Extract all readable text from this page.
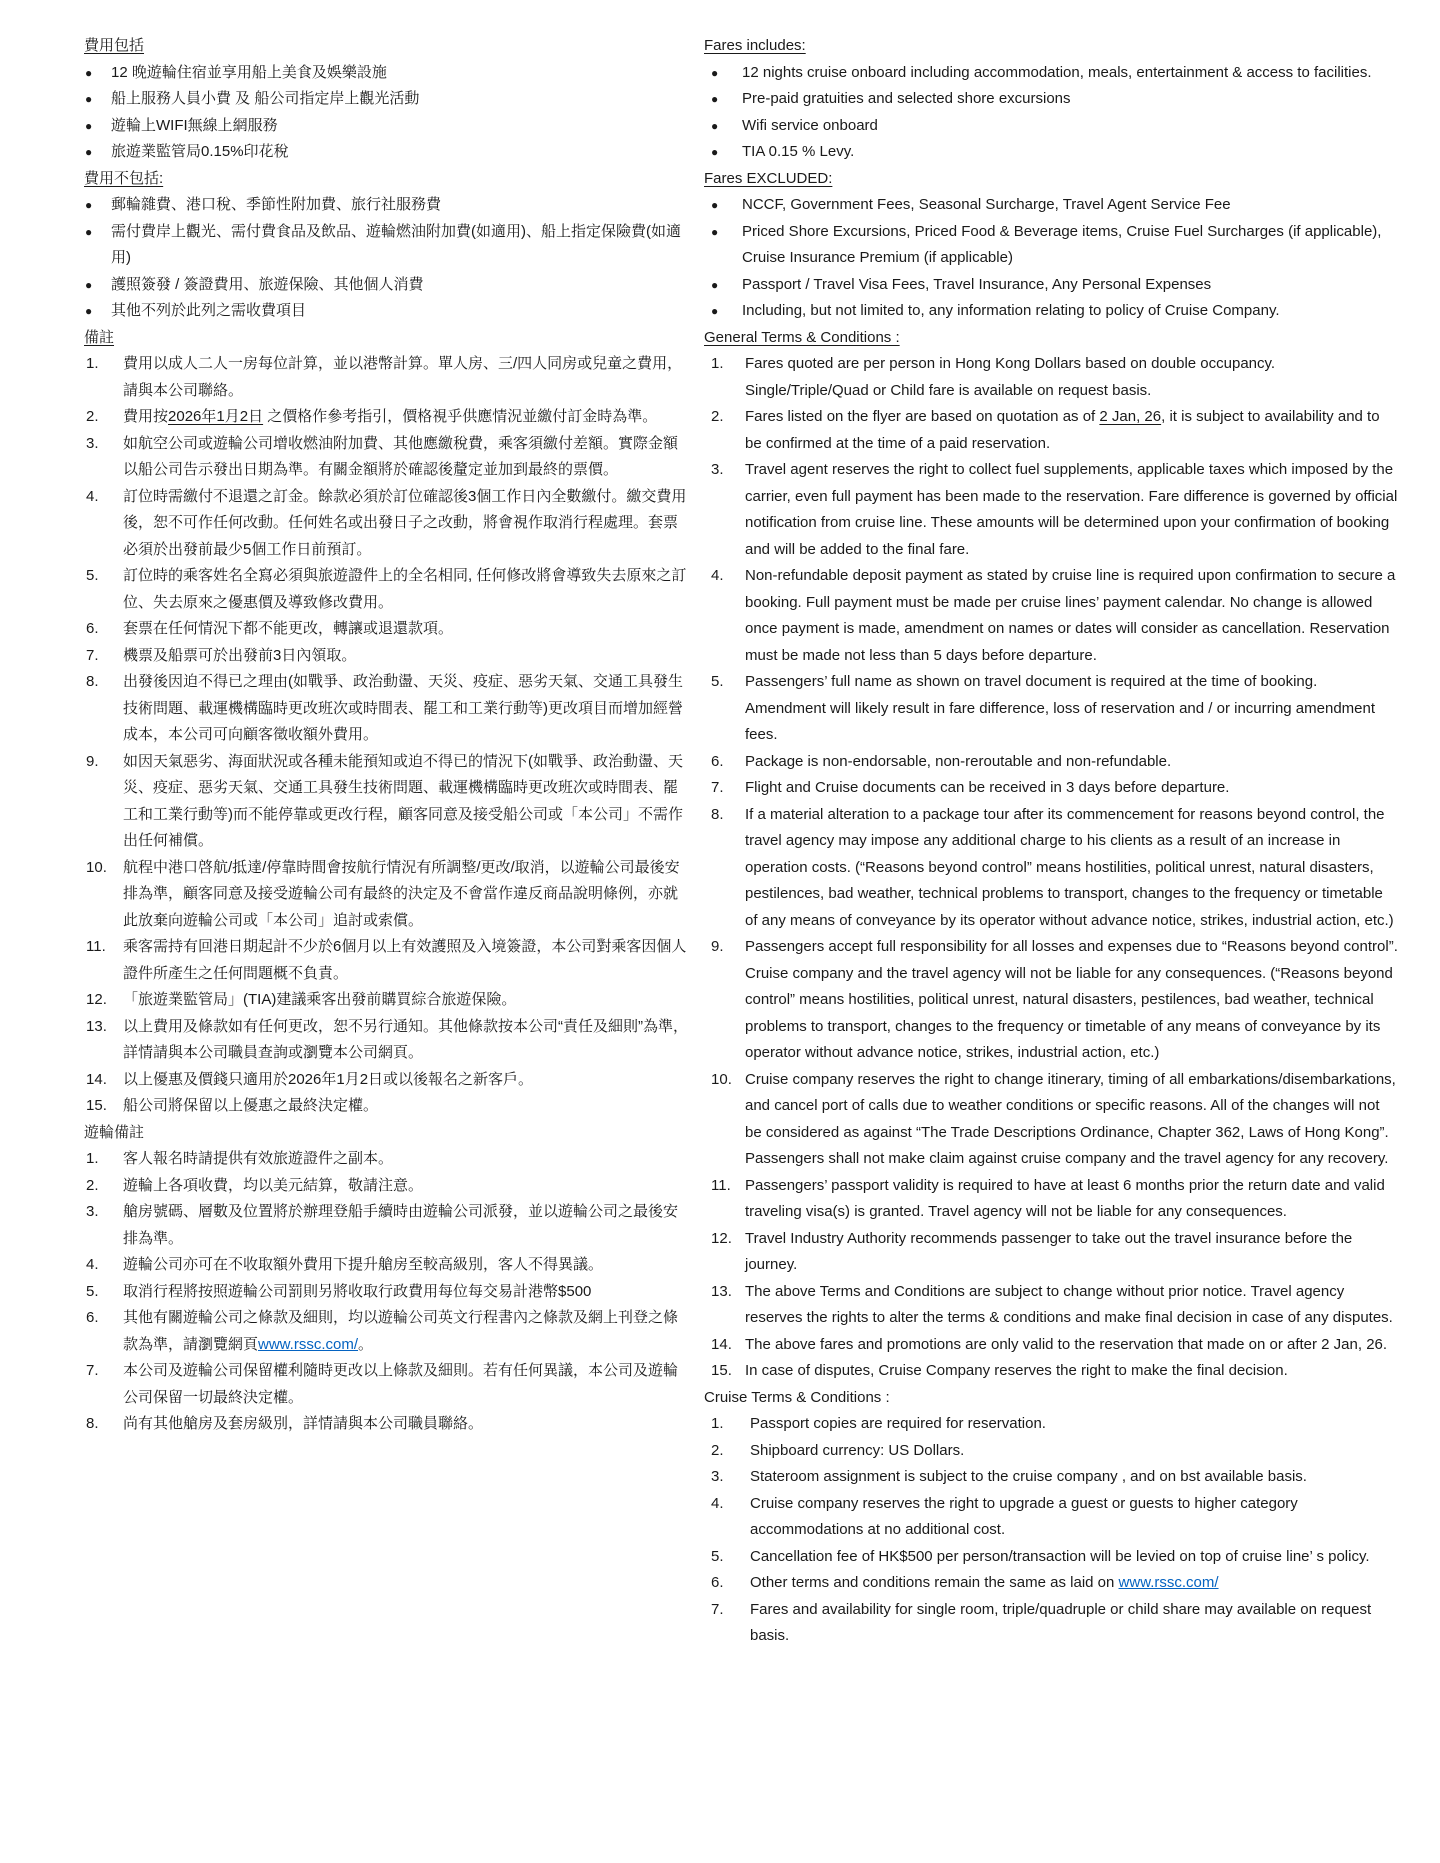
費用包括
● 12 晚遊輪住宿並享用船上美食及娛樂設施
● 船上服務人員小費 及 船公司指定岸上觀光活動
● 遊輪上WIFI無線上網服務
● 旅遊業監管局0.15%印花稅
費用不包括:
● 郵輪雜費、港口稅、季節性附加費、旅行社服務費
● 需付費岸上觀光、需付費食品及飲品、遊輪燃油附加費(如適用)、船上指定保險費(如適用)
● 護照簽發 / 簽證費用、旅遊保險、其他個人消費
● 其他不列於此列之需收費項目
備註
費用以成人二人一房每位計算，並以港幣計算。單人房、三/四人同房或兒童之費用，請與本公司聯絡。
費用按2026年1月2日 之價格作參考指引，價格視乎供應情況並繳付訂金時為準。
如航空公司或遊輪公司增收燃油附加費、其他應繳稅費，乘客須繳付差額。實際金額以船公司告示發出日期為準。有關金額將於確認後釐定並加到最終的票價。
訂位時需繳付不退還之訂金。餘款必須於訂位確認後3個工作日內全數繳付。繳交費用後，恕不可作任何改動。任何姓名或出發日子之改動，將會視作取消行程處理。套票必須於出發前最少5個工作日前預訂。
訂位時的乘客姓名全寫必須與旅遊證件上的全名相同, 任何修改將會導致失去原來之訂位、失去原來之優惠價及導致修改費用。
套票在任何情況下都不能更改，轉讓或退還款項。
機票及船票可於出發前3日內領取。
出發後因迫不得已之理由(如戰爭、政治動盪、天災、疫症、惡劣天氣、交通工具發生技術問題、載運機構臨時更改班次或時間表、罷工和工業行動等)更改項目而增加經營成本，本公司可向顧客徵收額外費用。
如因天氣惡劣、海面狀況或各種未能預知或迫不得已的情況下(如戰爭、政治動盪、天災、疫症、惡劣天氣、交通工具發生技術問題、載運機構臨時更改班次或時間表、罷工和工業行動等)而不能停靠或更改行程，顧客同意及接受船公司或「本公司」不需作出任何補償。
航程中港口啓航/抵達/停靠時間會按航行情況有所調整/更改/取消，以遊輪公司最後安排為準，顧客同意及接受遊輪公司有最終的決定及不會當作違反商品說明條例，亦就此放棄向遊輪公司或「本公司」追討或索償。
乘客需持有回港日期起計不少於6個月以上有效護照及入境簽證，本公司對乘客因個人證件所產生之任何問題概不負責。
「旅遊業監管局」(TIA)建議乘客出發前購買綜合旅遊保險。
以上費用及條款如有任何更改，恕不另行通知。其他條款按本公司“責任及細則”為準，詳情請與本公司職員查詢或瀏覽本公司網頁。
以上優惠及價錢只適用於2026年1月2日或以後報名之新客戶。
船公司將保留以上優惠之最終決定權。
遊輪備註
客人報名時請提供有效旅遊證件之副本。
遊輪上各項收費，均以美元結算，敬請注意。
艙房號碼、層數及位置將於辦理登船手續時由遊輪公司派發，並以遊輪公司之最後安排為準。
遊輪公司亦可在不收取額外費用下提升艙房至較高級別，客人不得異議。
取消行程將按照遊輪公司罰則另將收取行政費用每位每交易計港幣$500
其他有關遊輪公司之條款及細則，均以遊輪公司英文行程書內之條款及網上刊登之條款為準，請瀏覽網頁www.rssc.com/。
本公司及遊輪公司保留權利隨時更改以上條款及細則。若有任何異議，本公司及遊輪公司保留一切最終決定權。
尚有其他艙房及套房級別，詳情請與本公司職員聯絡。
Fares includes:
● 12 nights cruise onboard including accommodation, meals, entertainment & access to facilities.
● Pre-paid gratuities and selected shore excursions
● Wifi service onboard
● TIA 0.15 % Levy.
Fares EXCLUDED:
● NCCF, Government Fees, Seasonal Surcharge, Travel Agent Service Fee
● Priced Shore Excursions, Priced Food & Beverage items, Cruise Fuel Surcharges (if applicable), Cruise Insurance Premium (if applicable)
● Passport / Travel Visa Fees, Travel Insurance, Any Personal Expenses
● Including, but not limited to, any information relating to policy of Cruise Company.
General Terms & Conditions :
Fares quoted are per person in Hong Kong Dollars based on double occupancy. Single/Triple/Quad or Child fare is available on request basis.
Fares listed on the flyer are based on quotation as of 2 Jan, 26, it is subject to availability and to be confirmed at the time of a paid reservation.
Travel agent reserves the right to collect fuel supplements, applicable taxes which imposed by the carrier, even full payment has been made to the reservation. Fare difference is governed by official notification from cruise line. These amounts will be determined upon your confirmation of booking and will be added to the final fare.
Non-refundable deposit payment as stated by cruise line is required upon confirmation to secure a booking. Full payment must be made per cruise lines’ payment calendar. No change is allowed once payment is made, amendment on names or dates will consider as cancellation. Reservation must be made not less than 5 days before departure.
Passengers’ full name as shown on travel document is required at the time of booking. Amendment will likely result in fare difference, loss of reservation and / or incurring amendment fees.
Package is non-endorsable, non-reroutable and non-refundable.
Flight and Cruise documents can be received in 3 days before departure.
If a material alteration to a package tour after its commencement for reasons beyond control, the travel agency may impose any additional charge to his clients as a result of an increase in operation costs. (“Reasons beyond control” means hostilities, political unrest, natural disasters, pestilences, bad weather, technical problems to transport, changes to the frequency or timetable of any means of conveyance by its operator without advance notice, strikes, industrial action, etc.)
Passengers accept full responsibility for all losses and expenses due to “Reasons beyond control”. Cruise company and the travel agency will not be liable for any consequences. (“Reasons beyond control” means hostilities, political unrest, natural disasters, pestilences, bad weather, technical problems to transport, changes to the frequency or timetable of any means of conveyance by its operator without advance notice, strikes, industrial action, etc.)
Cruise company reserves the right to change itinerary, timing of all embarkations/disembarkations, and cancel port of calls due to weather conditions or specific reasons. All of the changes will not be considered as against “The Trade Descriptions Ordinance, Chapter 362, Laws of Hong Kong”. Passengers shall not make claim against cruise company and the travel agency for any recovery.
Passengers’ passport validity is required to have at least 6 months prior the return date and valid traveling visa(s) is granted. Travel agency will not be liable for any consequences.
Travel Industry Authority recommends passenger to take out the travel insurance before the journey.
The above Terms and Conditions are subject to change without prior notice. Travel agency reserves the rights to alter the terms & conditions and make final decision in case of any disputes.
The above fares and promotions are only valid to the reservation that made on or after 2 Jan, 26.
In case of disputes, Cruise Company reserves the right to make the final decision.
Cruise Terms & Conditions :
Passport copies are required for reservation.
Shipboard currency: US Dollars.
Stateroom assignment is subject to the cruise company , and on bst available basis.
Cruise company reserves the right to upgrade a guest or guests to higher category accommodations at no additional cost.
Cancellation fee of HK$500 per person/transaction will be levied on top of cruise line’ s policy.
Other terms and conditions remain the same as laid on www.rssc.com/
Fares and availability for single room, triple/quadruple or child share may available on request basis.
